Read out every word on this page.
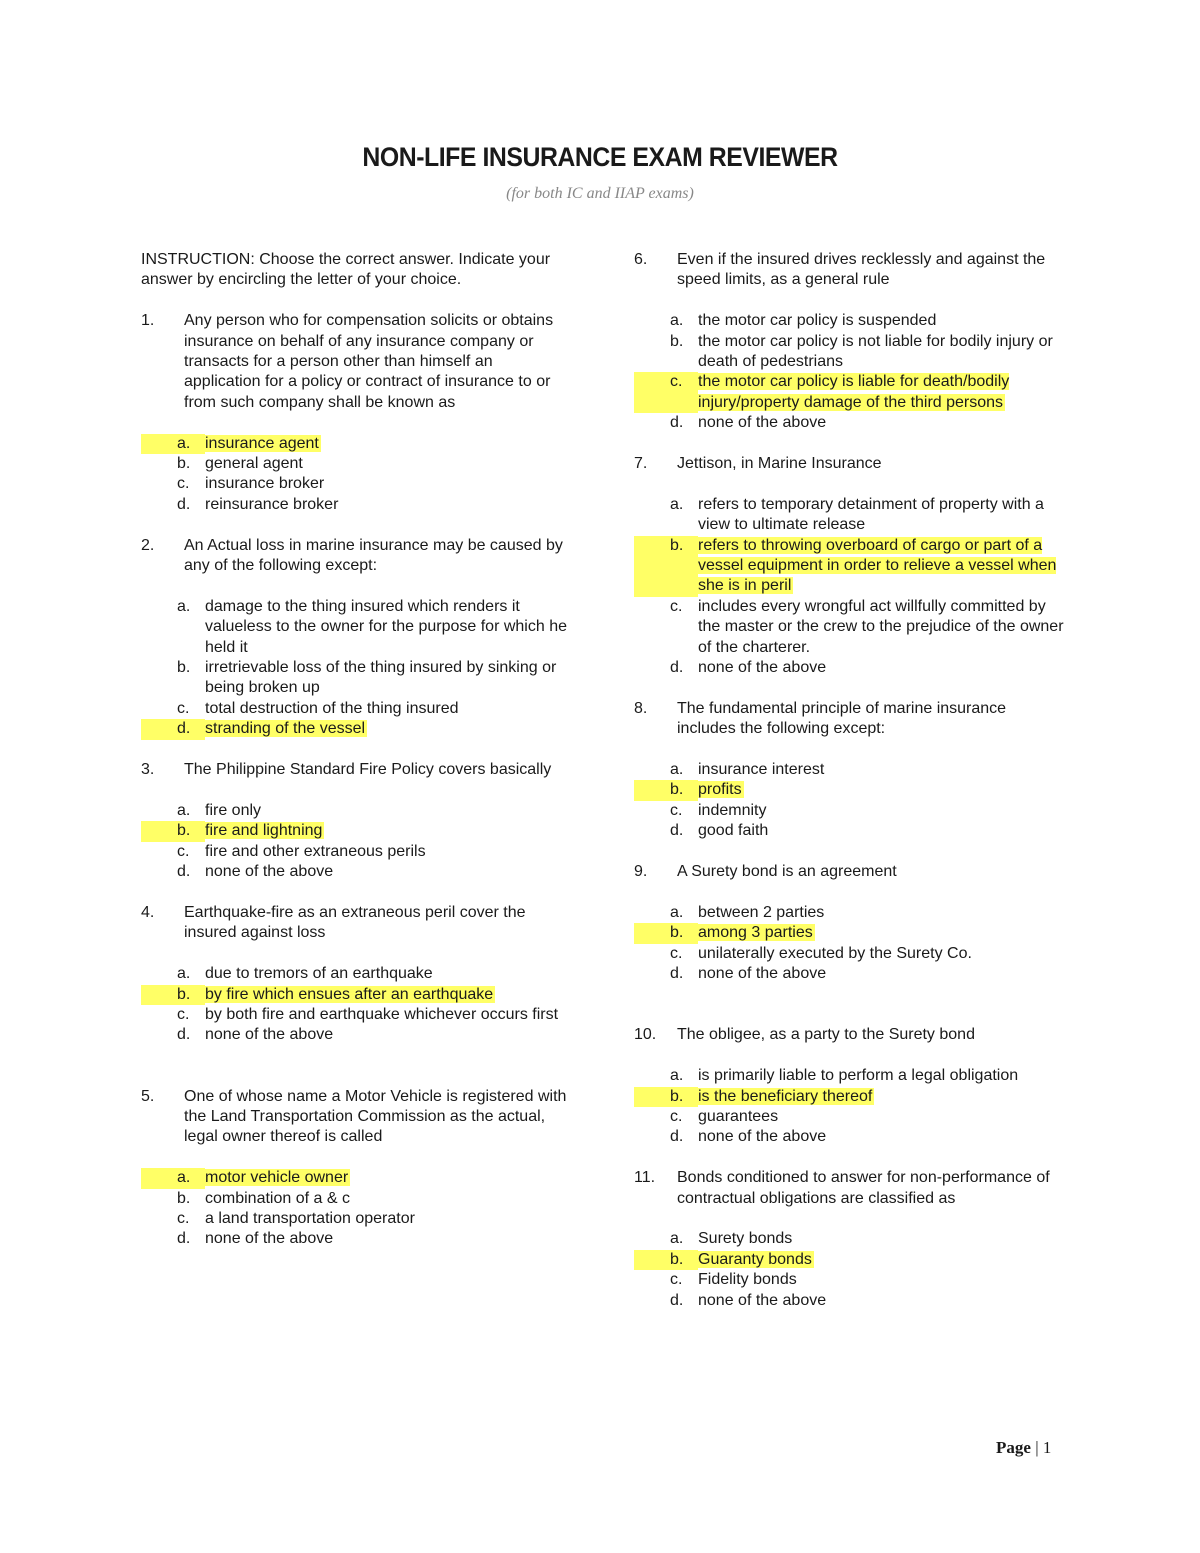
NON-LIFE INSURANCE EXAM REVIEWER
(for both IC and IIAP exams)
INSTRUCTION: Choose the correct answer. Indicate your answer by encircling the letter of your choice.
1.	Any person who for compensation solicits or obtains insurance on behalf of any insurance company or transacts for a person other than himself an application for a policy or contract of insurance to or from such company shall be known as
a. insurance agent
b. general agent
c. insurance broker
d. reinsurance broker
2.	An Actual loss in marine insurance may be caused by any of the following except:
a. damage to the thing insured which renders it valueless to the owner for the purpose for which he held it
b. irretrievable loss of the thing insured by sinking or being broken up
c. total destruction of the thing insured
d. stranding of the vessel
3.	The Philippine Standard Fire Policy covers basically
a. fire only
b. fire and lightning
c. fire and other extraneous perils
d. none of the above
4.	Earthquake-fire as an extraneous peril cover the insured against loss
a. due to tremors of an earthquake
b. by fire which ensues after an earthquake
c. by both fire and earthquake whichever occurs first
d. none of the above
5.	One of whose name a Motor Vehicle is registered with the Land Transportation Commission as the actual, legal owner thereof is called
a. motor vehicle owner
b. combination of a & c
c. a land transportation operator
d. none of the above
6.	Even if the insured drives recklessly and against the speed limits, as a general rule
a. the motor car policy is suspended
b. the motor car policy is not liable for bodily injury or death of pedestrians
c. the motor car policy is liable for death/bodily injury/property damage of the third persons
d. none of the above
7.	Jettison, in Marine Insurance
a. refers to temporary detainment of property with a view to ultimate release
b. refers to throwing overboard of cargo or part of a vessel equipment in order to relieve a vessel when she is in peril
c. includes every wrongful act willfully committed by the master or the crew to the prejudice of the owner of the charterer.
d. none of the above
8.	The fundamental principle of marine insurance includes the following except:
a. insurance interest
b. profits
c. indemnity
d. good faith
9.	A Surety bond is an agreement
a. between 2 parties
b. among 3 parties
c. unilaterally executed by the Surety Co.
d. none of the above
10.	The obligee, as a party to the Surety bond
a. is primarily liable to perform a legal obligation
b. is the beneficiary thereof
c. guarantees
d. none of the above
11.	Bonds conditioned to answer for non-performance of contractual obligations are classified as
a. Surety bonds
b. Guaranty bonds
c. Fidelity bonds
d. none of the above
Page | 1
